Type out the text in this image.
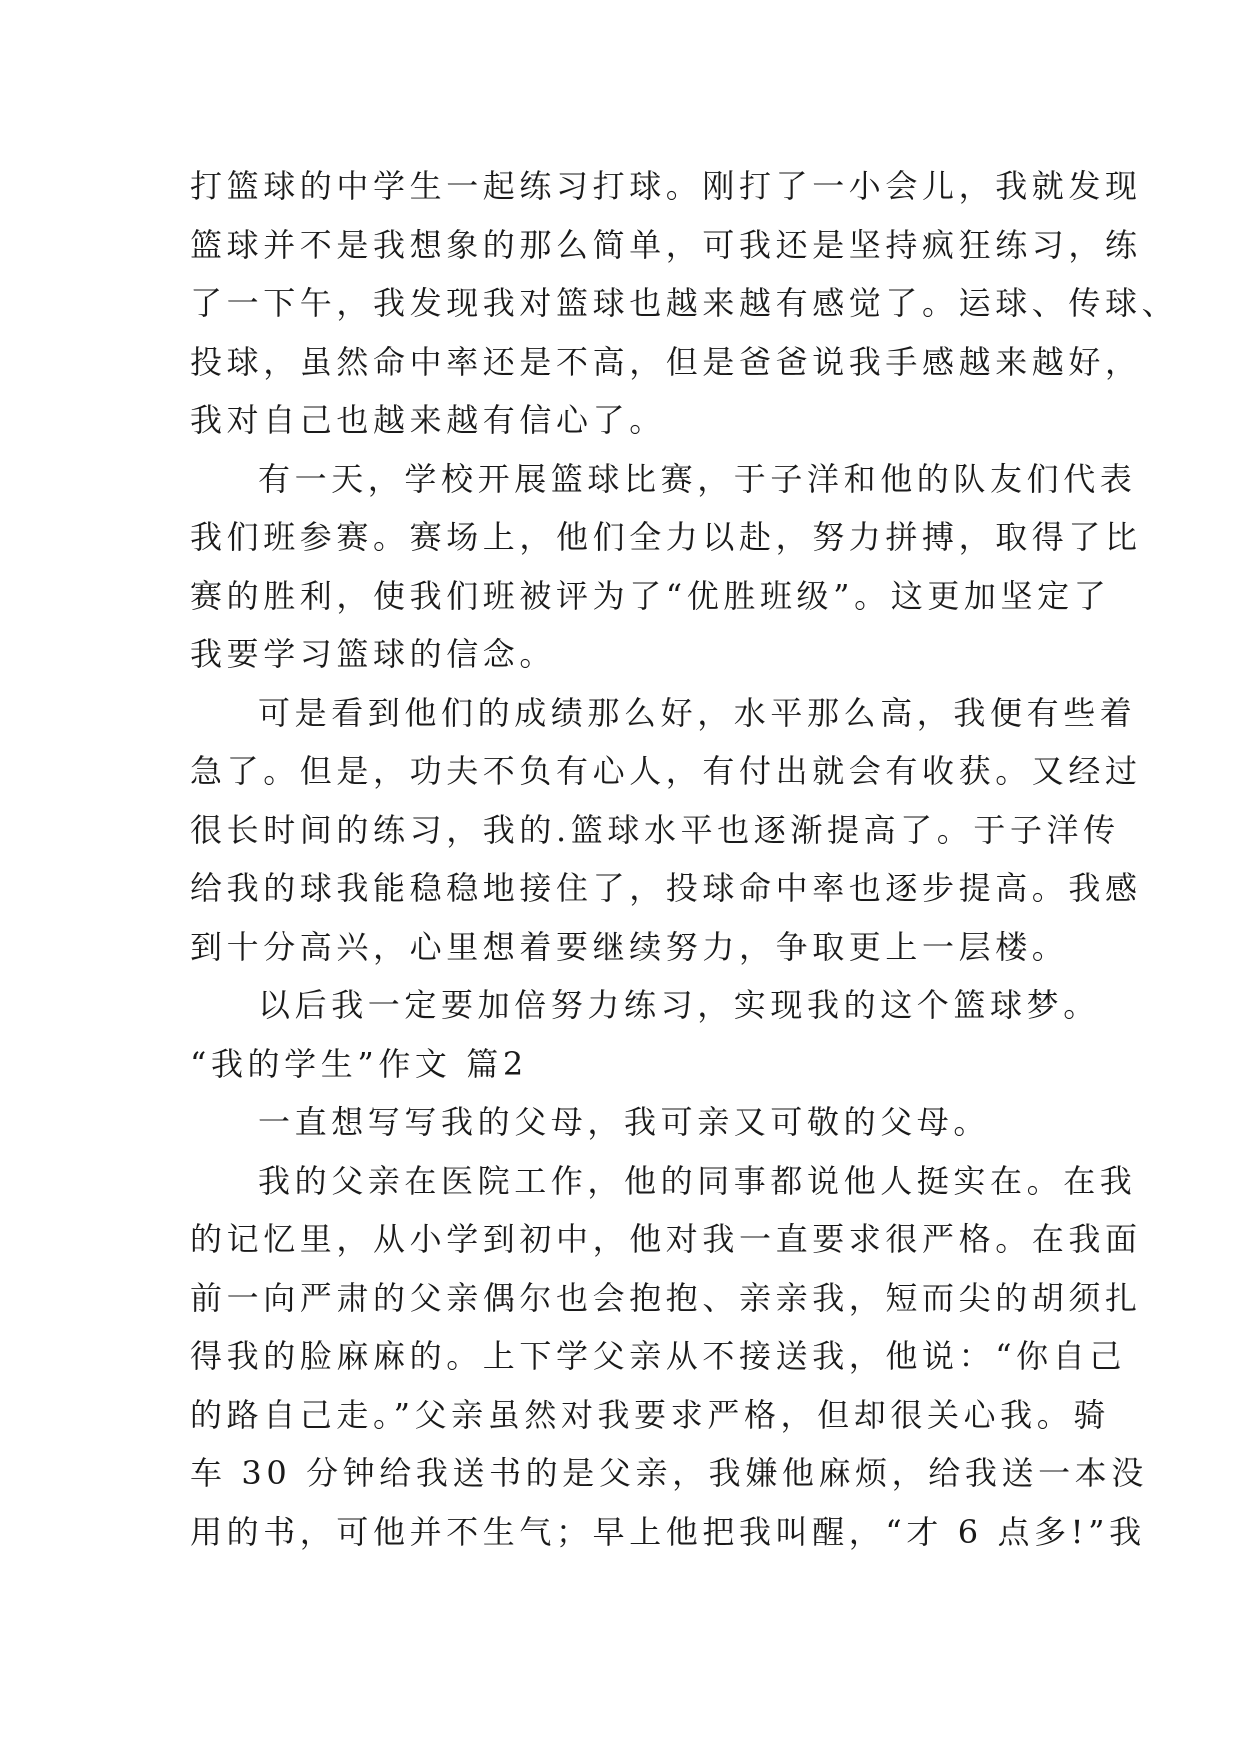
打篮球的中学生一起练习打球。刚打了一小会儿，我就发现
篮球并不是我想象的那么简单，可我还是坚持疯狂练习，练
了一下午，我发现我对篮球也越来越有感觉了。运球、传球、
投球，虽然命中率还是不高，但是爸爸说我手感越来越好，
我对自己也越来越有信心了。
有一天，学校开展篮球比赛，于子洋和他的队友们代表
我们班参赛。赛场上，他们全力以赴，努力拼搏，取得了比
赛的胜利，使我们班被评为了“优胜班级”。这更加坚定了
我要学习篮球的信念。
可是看到他们的成绩那么好，水平那么高，我便有些着
急了。但是，功夫不负有心人，有付出就会有收获。又经过
很长时间的练习，我的.篮球水平也逐渐提高了。于子洋传
给我的球我能稳稳地接住了，投球命中率也逐步提高。我感
到十分高兴，心里想着要继续努力，争取更上一层楼。
以后我一定要加倍努力练习，实现我的这个篮球梦。
“我的学生”作文 篇2
一直想写写我的父母，我可亲又可敬的父母。
我的父亲在医院工作，他的同事都说他人挺实在。在我
的记忆里，从小学到初中，他对我一直要求很严格。在我面
前一向严肃的父亲偶尔也会抱抱、亲亲我，短而尖的胡须扎
得我的脸麻麻的。上下学父亲从不接送我，他说：“你自己
的路自己走。”父亲虽然对我要求严格，但却很关心我。骑
车 30 分钟给我送书的是父亲，我嫌他麻烦，给我送一本没
用的书，可他并不生气；早上他把我叫醒，“才 6 点多!”我
